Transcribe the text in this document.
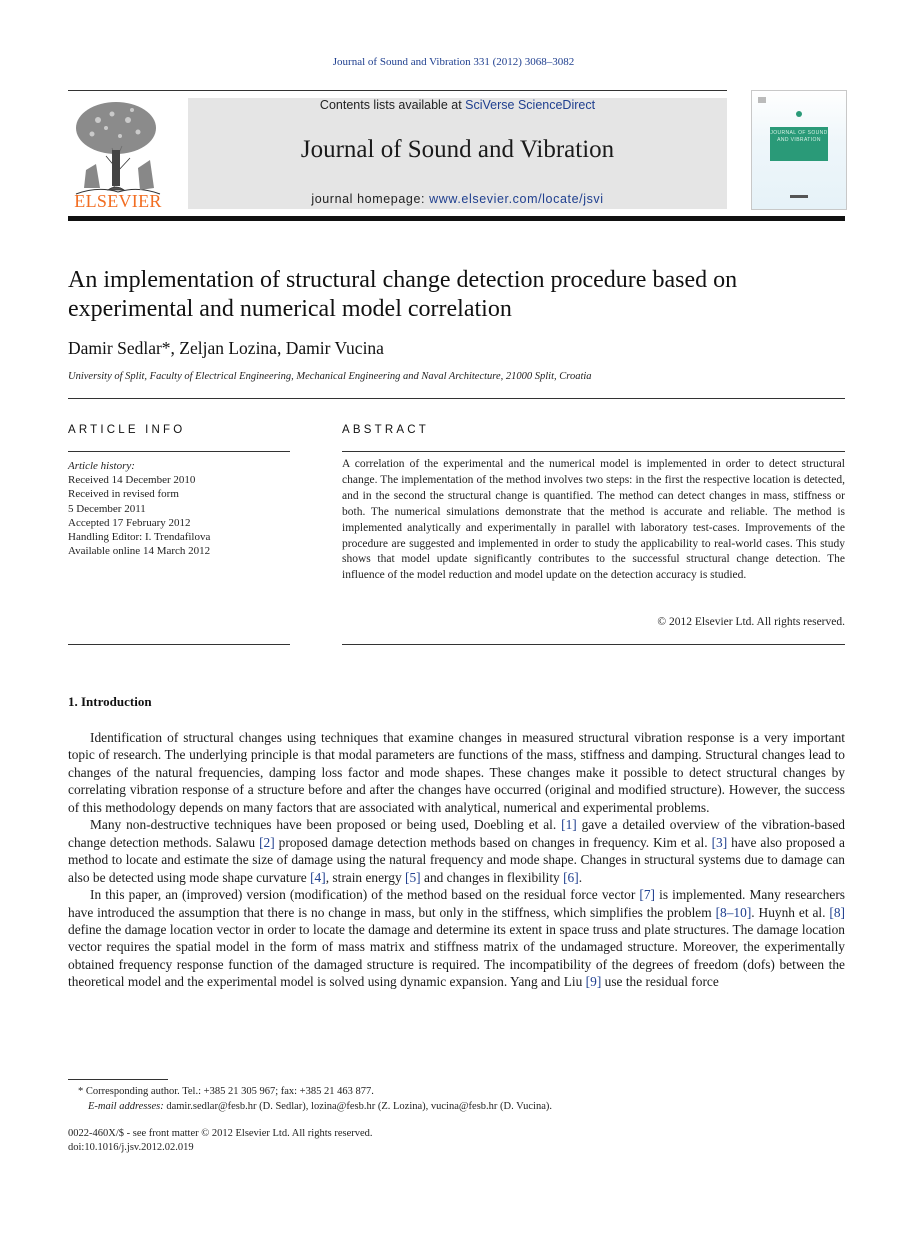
Journal of Sound and Vibration 331 (2012) 3068–3082
ELSEVIER
Contents lists available at SciVerse ScienceDirect
Journal of Sound and Vibration
journal homepage: www.elsevier.com/locate/jsvi
JOURNAL OF SOUND AND VIBRATION
An implementation of structural change detection procedure based on experimental and numerical model correlation
Damir Sedlar*, Zeljan Lozina, Damir Vucina
University of Split, Faculty of Electrical Engineering, Mechanical Engineering and Naval Architecture, 21000 Split, Croatia
ARTICLE INFO	ABSTRACT
Article history:
Received 14 December 2010
Received in revised form
5 December 2011
Accepted 17 February 2012
Handling Editor: I. Trendafilova
Available online 14 March 2012

A correlation of the experimental and the numerical model is implemented in order to detect structural change. The implementation of the method involves two steps: in the first the respective location is detected, and in the second the structural change is quantified. The method can detect changes in mass, stiffness or both. The numerical simulations demonstrate that the method is accurate and reliable. The method is implemented analytically and experimentally in parallel with laboratory test-cases. Improvements of the procedure are suggested and implemented in order to study the applicability to real-world cases. This study shows that model update significantly contributes to the successful structural change detection. The influence of the model reduction and model update on the detection accuracy is studied.

© 2012 Elsevier Ltd. All rights reserved.
1. Introduction

Identification of structural changes using techniques that examine changes in measured structural vibration response is a very important topic of research. The underlying principle is that modal parameters are functions of the mass, stiffness and damping. Structural changes lead to changes of the natural frequencies, damping loss factor and mode shapes. These changes make it possible to detect structural changes by correlating vibration response of a structure before and after the changes have occurred (original and modified structure). However, the success of this methodology depends on many factors that are associated with analytical, numerical and experimental problems.

Many non-destructive techniques have been proposed or being used, Doebling et al. [1] gave a detailed overview of the vibration-based change detection methods. Salawu [2] proposed damage detection methods based on changes in frequency. Kim et al. [3] have also proposed a method to locate and estimate the size of damage using the natural frequency and mode shape. Changes in structural systems due to damage can also be detected using mode shape curvature [4], strain energy [5] and changes in flexibility [6].

In this paper, an (improved) version (modification) of the method based on the residual force vector [7] is implemented. Many researchers have introduced the assumption that there is no change in mass, but only in the stiffness, which simplifies the problem [8–10]. Huynh et al. [8] define the damage location vector in order to locate the damage and determine its extent in space truss and plate structures. The damage location vector requires the spatial model in the form of mass matrix and stiffness matrix of the undamaged structure. Moreover, the experimentally obtained frequency response function of the damaged structure is required. The incompatibility of the degrees of freedom (dofs) between the theoretical model and the experimental model is solved using dynamic expansion. Yang and Liu [9] use the residual force

* Corresponding author. Tel.: +385 21 305 967; fax: +385 21 463 877.
E-mail addresses: damir.sedlar@fesb.hr (D. Sedlar), lozina@fesb.hr (Z. Lozina), vucina@fesb.hr (D. Vucina).
0022-460X/$ - see front matter © 2012 Elsevier Ltd. All rights reserved.
doi:10.1016/j.jsv.2012.02.019
